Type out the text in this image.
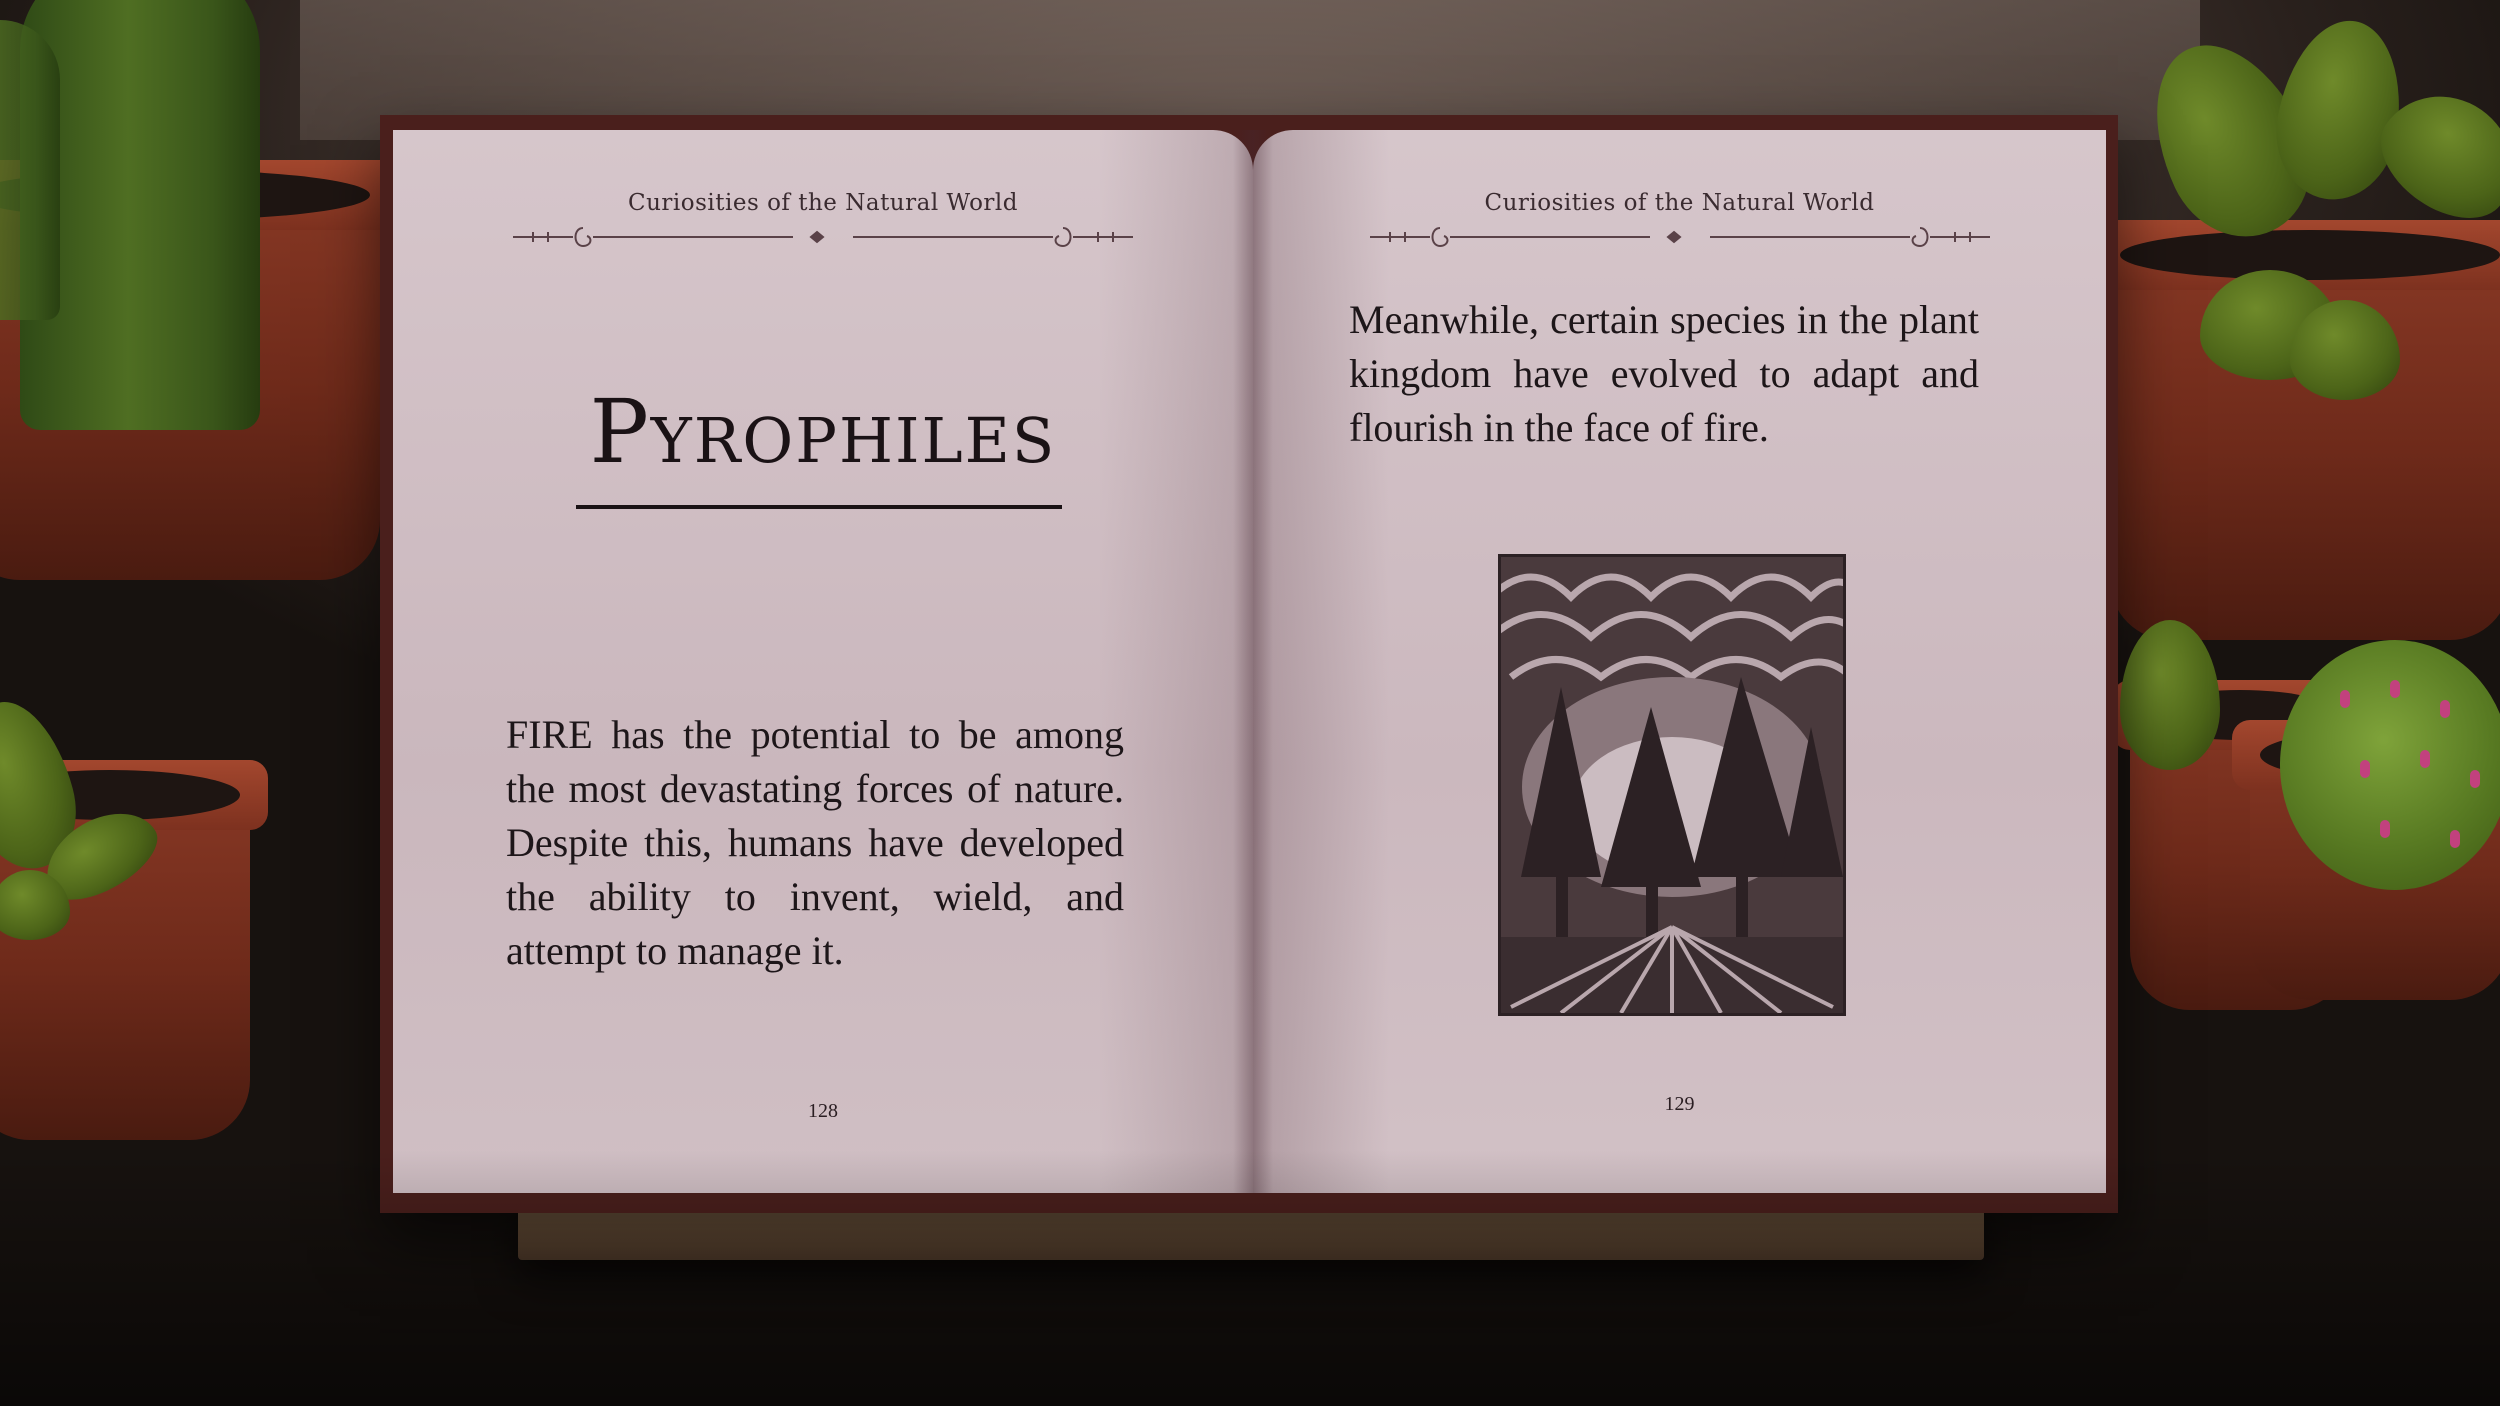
Curiosities of the Natural World
Pyrophiles
FIRE has the potential to be among the most devastating forces of nature. Despite this, humans have developed the ability to invent, wield, and attempt to manage it.
128
Curiosities of the Natural World
Meanwhile, certain species in the plant kingdom have evolved to adapt and flourish in the face of fire.
129
